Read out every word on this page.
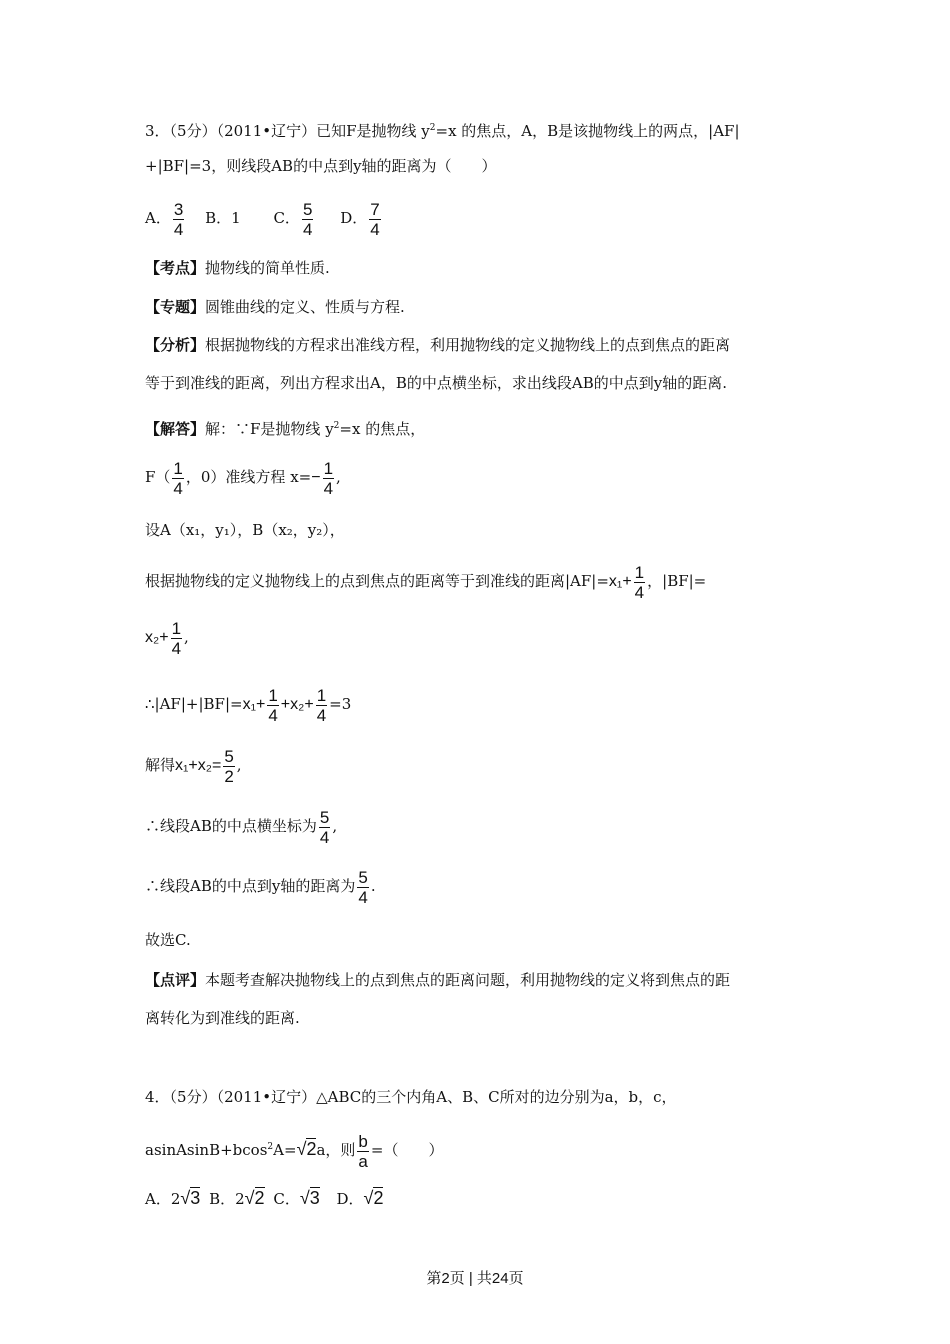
3．（5分）（2011•辽宁）已知F是抛物线 $y^2=x$ 的焦点，A，B是该抛物线上的两点，|AF|
+|BF|=3，则线段AB的中点到y轴的距离为（　　）
A． $\frac{3}{4}$ B．1 C． $\frac{5}{4}$ D． $\frac{7}{4}$
【考点】抛物线的简单性质.
【专题】圆锥曲线的定义、性质与方程.
【分析】根据抛物线的方程求出准线方程，利用抛物线的定义抛物线上的点到焦点的距离
等于到准线的距离，列出方程求出A，B的中点横坐标，求出线段AB的中点到y轴的距离.
【解答】解：∵F是抛物线 $y^2=x$ 的焦点，
$F( \frac{1}{4}$ ，0）准线方程 $x=- \frac{1}{4}$ ,
设A（x₁，y₁），B（x₂，y₂），
根据抛物线的定义抛物线上的点到焦点的距离等于到准线的距离$|AF|=x_1+ \frac{1}{4}$ ，|BF|=
$x_2+ \frac{1}{4}$ ,
∴|AF|+|BF|=x₁+ $\frac{1}{4} +x_2+ \frac{1}{4} =3$
解得$x_1+x_2= \frac{5}{2}$ ,
∴线段AB的中点横坐标为 $\frac{5}{4}$ ,
∴线段AB的中点到y轴的距离为 $\frac{5}{4}$ .
故选C.
【点评】本题考查解决抛物线上的点到焦点的距离问题，利用抛物线的定义将到焦点的距
离转化为到准线的距离.
4．（5分）（2011•辽宁）△ABC的三个内角A、B、C所对的边分别为a，b，c，
asinAsinB+bcos$^2$A=√2a，则 $\frac{b}{a}$ =（　　）
A．2√3 B．2√2 C．√3 D．√2
第2页 | 共24页
